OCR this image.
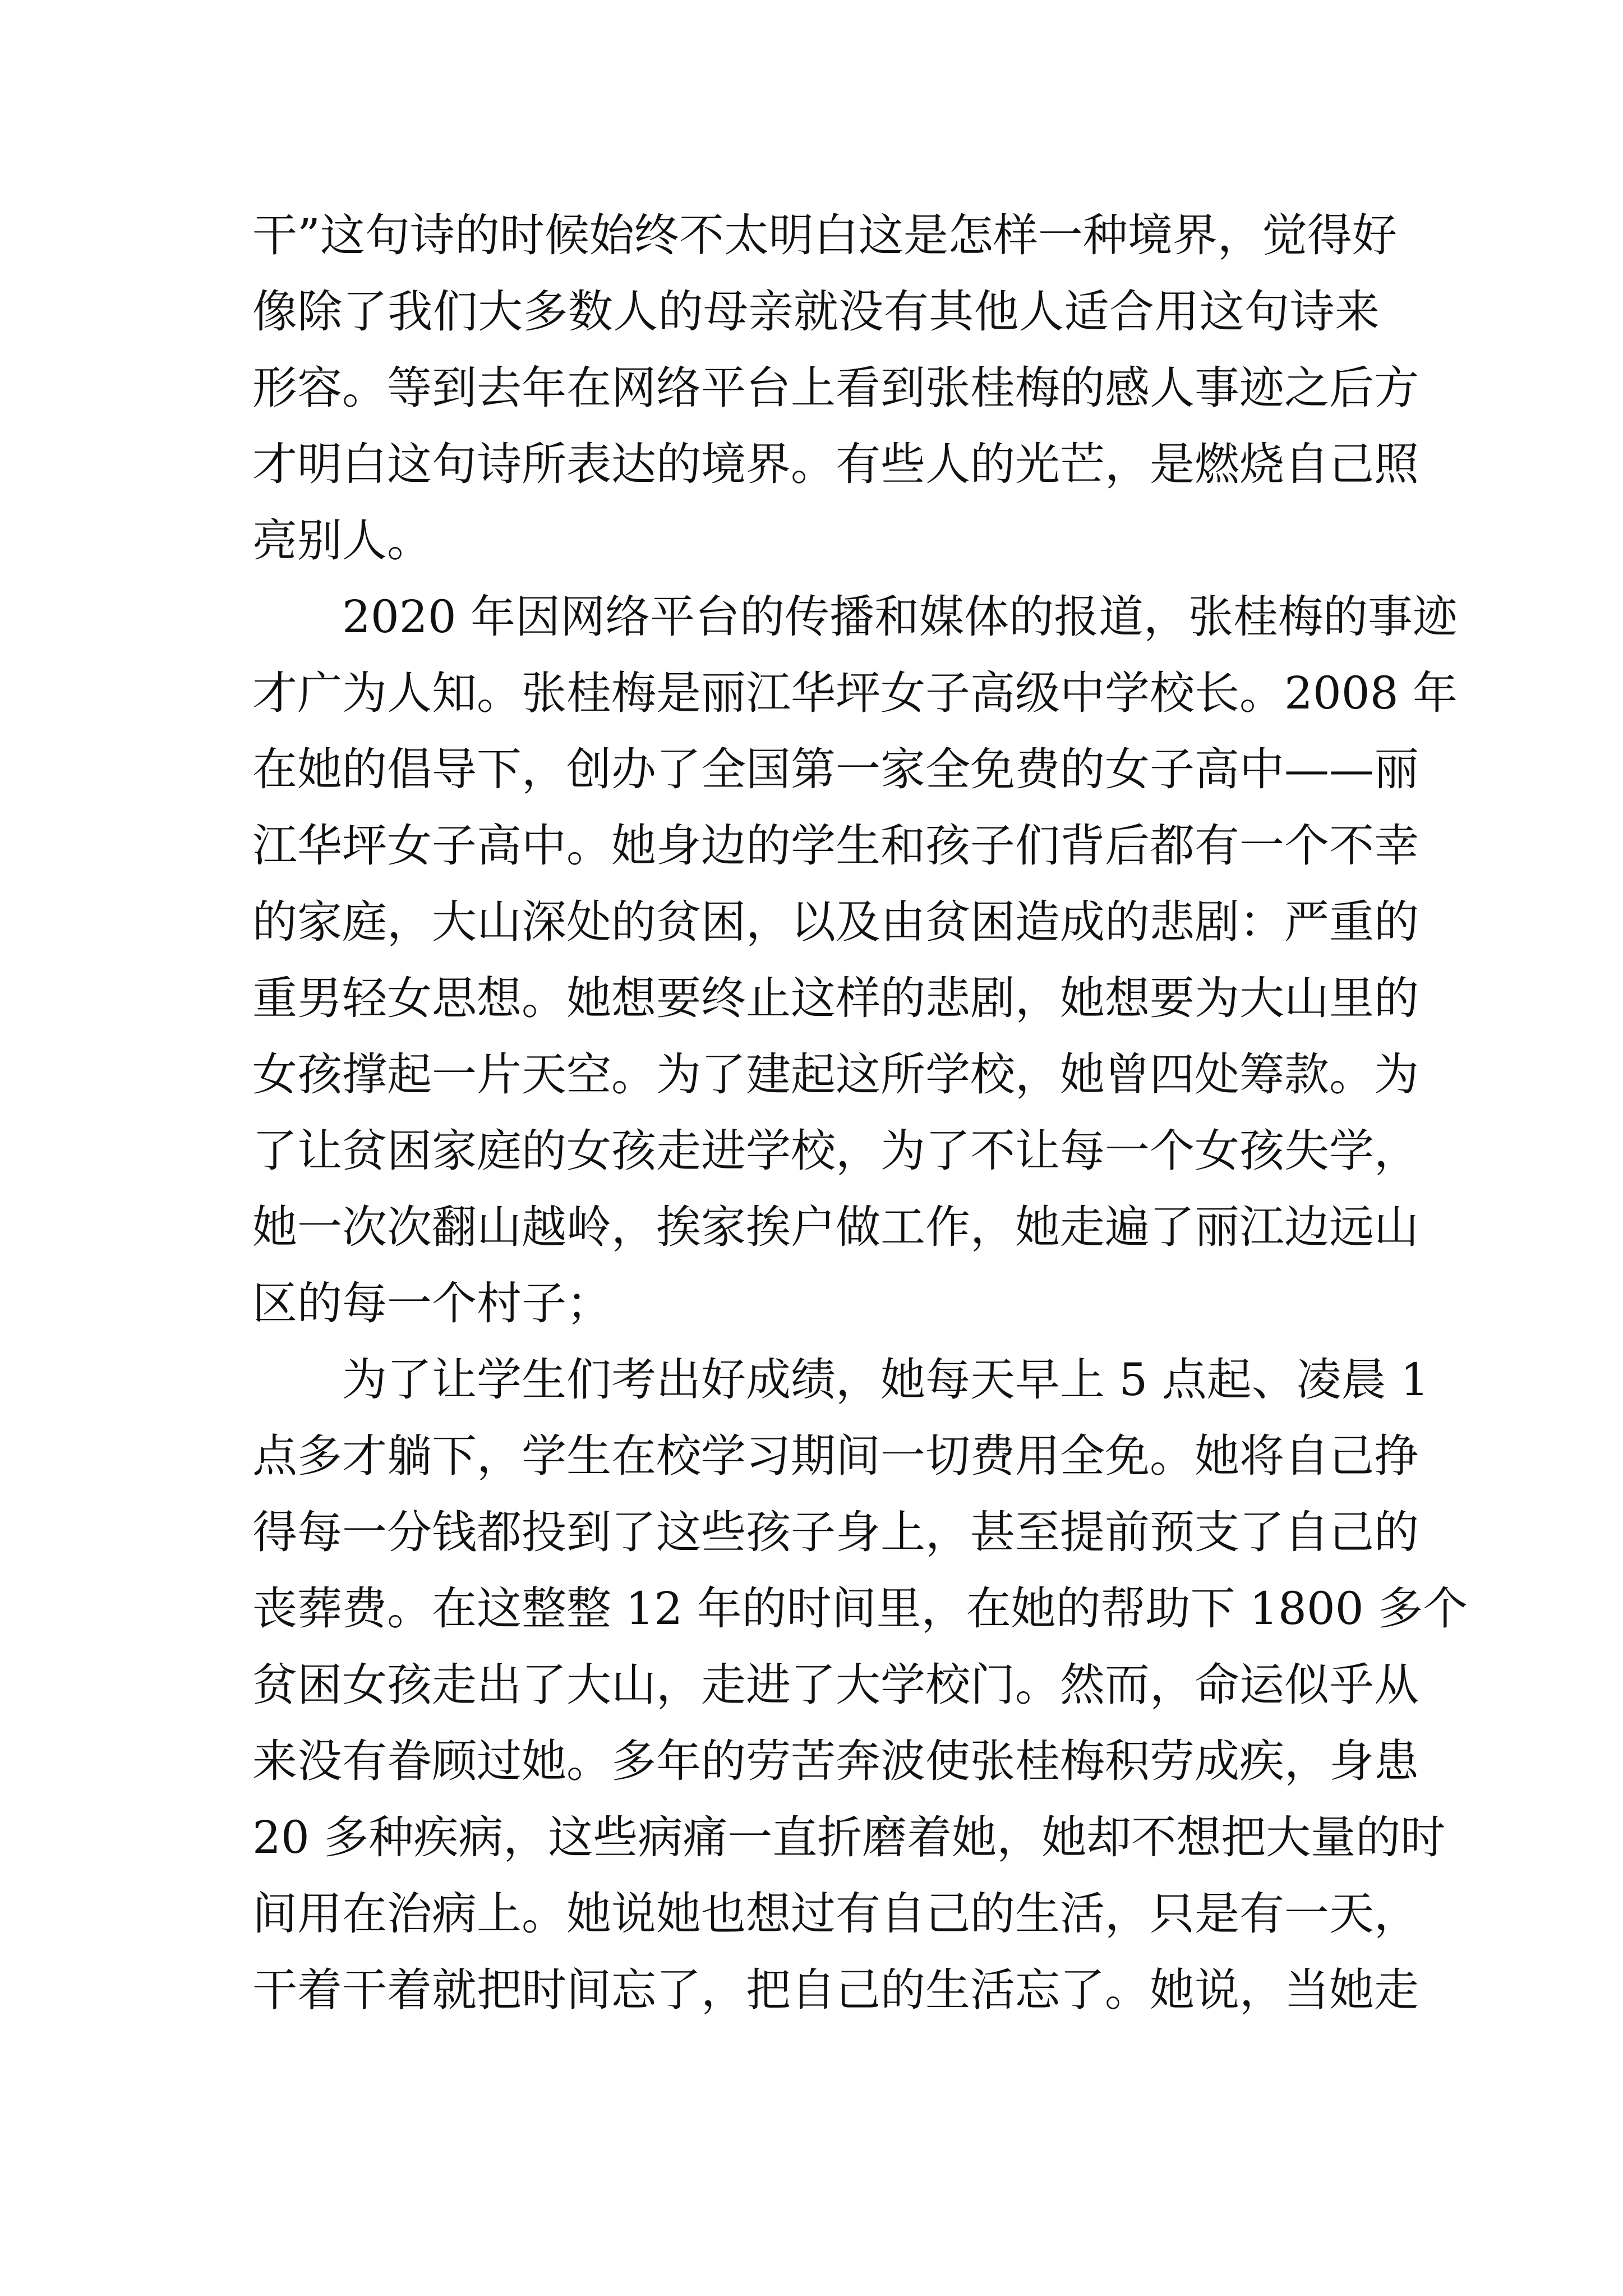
干”这句诗的时候始终不太明白这是怎样一种境界，觉得好
像除了我们大多数人的母亲就没有其他人适合用这句诗来
形容。等到去年在网络平台上看到张桂梅的感人事迹之后方
才明白这句诗所表达的境界。有些人的光芒，是燃烧自己照
亮别人。
　　2020 年因网络平台的传播和媒体的报道，张桂梅的事迹
才广为人知。张桂梅是丽江华坪女子高级中学校长。2008 年
在她的倡导下，创办了全国第一家全免费的女子高中——丽
江华坪女子高中。她身边的学生和孩子们背后都有一个不幸
的家庭，大山深处的贫困，以及由贫困造成的悲剧：严重的
重男轻女思想。她想要终止这样的悲剧，她想要为大山里的
女孩撑起一片天空。为了建起这所学校，她曾四处筹款。为
了让贫困家庭的女孩走进学校，为了不让每一个女孩失学，
她一次次翻山越岭，挨家挨户做工作，她走遍了丽江边远山
区的每一个村子；
　　为了让学生们考出好成绩，她每天早上 5 点起、凌晨 1
点多才躺下，学生在校学习期间一切费用全免。她将自己挣
得每一分钱都投到了这些孩子身上，甚至提前预支了自己的
丧葬费。在这整整 12 年的时间里，在她的帮助下 1800 多个
贫困女孩走出了大山，走进了大学校门。然而，命运似乎从
来没有眷顾过她。多年的劳苦奔波使张桂梅积劳成疾，身患
20 多种疾病，这些病痛一直折磨着她，她却不想把大量的时
间用在治病上。她说她也想过有自己的生活，只是有一天，
干着干着就把时间忘了，把自己的生活忘了。她说，当她走
